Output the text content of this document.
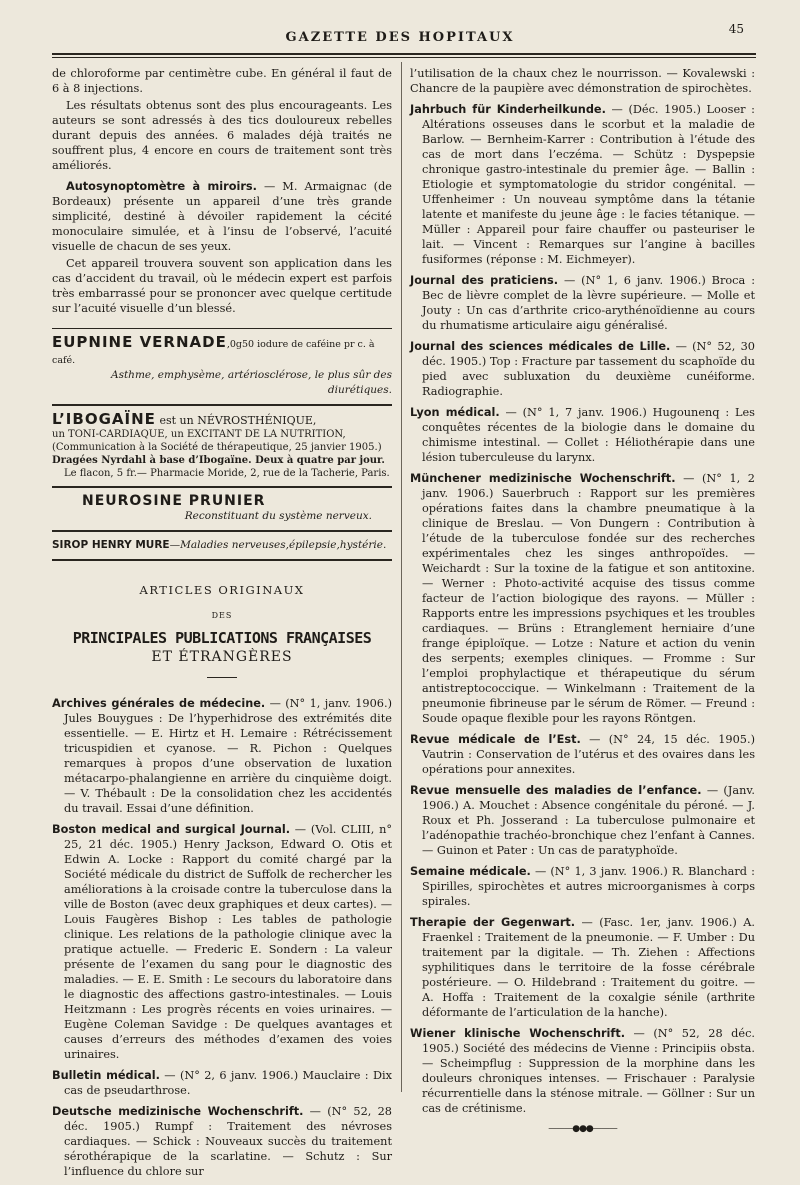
GAZETTE DES HOPITAUX
45

de chloroforme par centimètre cube. En général il faut de 6 à 8 injections.

Les résultats obtenus sont des plus encourageants. Les auteurs se sont adressés à des tics douloureux rebelles durant depuis des années. 6 malades déjà traités ne souffrent plus, 4 encore en cours de traitement sont très améliorés.

Autosynoptomètre à miroirs. — M. Armaignac (de Bordeaux) présente un appareil d’une très grande simplicité, destiné à dévoiler rapidement la cécité monoculaire simulée, et à l’insu de l’observé, l’acuité visuelle de chacun de ses yeux.

Cet appareil trouvera souvent son application dans les cas d’accident du travail, où le médecin expert est parfois très embarrassé pour se prononcer avec quelque certitude sur l’acuité visuelle d’un blessé.

EUPNINE VERNADE,0g50 iodure de caféine pr c. à café.
Asthme, emphysème, artériosclérose, le plus sûr des diurétiques.
L’IBOGAÏNE est un NÉVROSTHÉNIQUE,
un TONI-CARDIAQUE, un EXCITANT DE LA NUTRITION,
(Communication à la Société de thérapeutique, 25 janvier 1905.)
Dragées Nyrdahl à base d’Ibogaïne. Deux à quatre par jour.
Le flacon, 5 fr.— Pharmacie Moride, 2, rue de la Tacherie, Paris.
NEUROSINE PRUNIER
Reconstituant du système nerveux.
SIROP HENRY MURE—Maladies nerveuses,épilepsie,hystérie.
ARTICLES ORIGINAUX
DES
PRINCIPALES PUBLICATIONS FRANÇAISES
ET ÉTRANGÈRES
Archives générales de médecine. — (N° 1, janv. 1906.) Jules Bouygues : De l’hyperhidrose des extrémités dite essentielle. — E. Hirtz et H. Lemaire : Rétrécissement tricuspidien et cyanose. — R. Pichon : Quelques remarques à propos d’une observation de luxation métacarpo-phalangienne en arrière du cinquième doigt. — V. Thébault : De la consolidation chez les accidentés du travail. Essai d’une définition.
Boston medical and surgical Journal. — (Vol. CLIII, n° 25, 21 déc. 1905.) Henry Jackson, Edward O. Otis et Edwin A. Locke : Rapport du comité chargé par la Société médicale du district de Suffolk de rechercher les améliorations à la croisade contre la tuberculose dans la ville de Boston (avec deux graphiques et deux cartes). — Louis Faugères Bishop : Les tables de pathologie clinique. Les relations de la pathologie clinique avec la pratique actuelle. — Frederic E. Sondern : La valeur présente de l’examen du sang pour le diagnostic des maladies. — E. E. Smith : Le secours du laboratoire dans le diagnostic des affections gastro-intestinales. — Louis Heitzmann : Les progrès récents en voies urinaires. — Eugène Coleman Savidge : De quelques avantages et causes d’erreurs des méthodes d’examen des voies urinaires.
Bulletin médical. — (N° 2, 6 janv. 1906.) Mauclaire : Dix cas de pseudarthrose.
Deutsche medizinische Wochenschrift. — (N° 52, 28 déc. 1905.) Rumpf : Traitement des névroses cardiaques. — Schick : Nouveaux succès du traitement sérothérapique de la scarlatine. — Schutz : Sur l’influence du chlore sur

l’utilisation de la chaux chez le nourrisson. — Kovalewski : Chancre de la paupière avec démonstration de spirochètes.

Jahrbuch für Kinderheilkunde. — (Déc. 1905.) Looser : Altérations osseuses dans le scorbut et la maladie de Barlow. — Bernheim-Karrer : Contribution à l’étude des cas de mort dans l’eczéma. — Schütz : Dyspepsie chronique gastro-intestinale du premier âge. — Ballin : Etiologie et symptomatologie du stridor congénital. — Uffenheimer : Un nouveau symptôme dans la tétanie latente et manifeste du jeune âge : le facies tétanique. — Müller : Appareil pour faire chauffer ou pasteuriser le lait. — Vincent : Remarques sur l’angine à bacilles fusiformes (réponse : M. Eichmeyer).
Journal des praticiens. — (N° 1, 6 janv. 1906.) Broca : Bec de lièvre complet de la lèvre supérieure. — Molle et Jouty : Un cas d’arthrite crico-arythénoïdienne au cours du rhumatisme articulaire aigu généralisé.
Journal des sciences médicales de Lille. — (N° 52, 30 déc. 1905.) Top : Fracture par tassement du scaphoïde du pied avec subluxation du deuxième cunéiforme. Radiographie.
Lyon médical. — (N° 1, 7 janv. 1906.) Hugounenq : Les conquêtes récentes de la biologie dans le domaine du chimisme intestinal. — Collet : Héliothérapie dans une lésion tuberculeuse du larynx.
Münchener medizinische Wochenschrift. — (N° 1, 2 janv. 1906.) Sauerbruch : Rapport sur les premières opérations faites dans la chambre pneumatique à la clinique de Breslau. — Von Dungern : Contribution à l’étude de la tuberculose fondée sur des recherches expérimentales chez les singes anthropoïdes. — Weichardt : Sur la toxine de la fatigue et son antitoxine. — Werner : Photo-activité acquise des tissus comme facteur de l’action biologique des rayons. — Müller : Rapports entre les impressions psychiques et les troubles cardiaques. — Brüns : Etranglement herniaire d’une frange épiploïque. — Lotze : Nature et action du venin des serpents; exemples cliniques. — Fromme : Sur l’emploi prophylactique et thérapeutique du sérum antistreptococcique. — Winkelmann : Traitement de la pneumonie fibrineuse par le sérum de Römer. — Freund : Soude opaque flexible pour les rayons Röntgen.
Revue médicale de l’Est. — (N° 24, 15 déc. 1905.) Vautrin : Conservation de l’utérus et des ovaires dans les opérations pour annexites.
Revue mensuelle des maladies de l’enfance. — (Janv. 1906.) A. Mouchet : Absence congénitale du péroné. — J. Roux et Ph. Josserand : La tuberculose pulmonaire et l’adénopathie trachéo-bronchique chez l’enfant à Cannes. — Guinon et Pater : Un cas de paratyphoïde.
Semaine médicale. — (N° 1, 3 janv. 1906.) R. Blanchard : Spirilles, spirochètes et autres microorganismes à corps spirales.
Therapie der Gegenwart. — (Fasc. 1er, janv. 1906.) A. Fraenkel : Traitement de la pneumonie. — F. Umber : Du traitement par la digitale. — Th. Ziehen : Affections syphilitiques dans le territoire de la fosse cérébrale postérieure. — O. Hildebrand : Traitement du goitre. — A. Hoffa : Traitement de la coxalgie sénile (arthrite déformante de l’articulation de la hanche).
Wiener klinische Wochenschrift. — (N° 52, 28 déc. 1905.) Société des médecins de Vienne : Principiis obsta. — Scheimpflug : Suppression de la morphine dans les douleurs chroniques intenses. — Frischauer : Paralysie récurrentielle dans la sténose mitrale. — Göllner : Sur un cas de crétinisme.
———●●●———
